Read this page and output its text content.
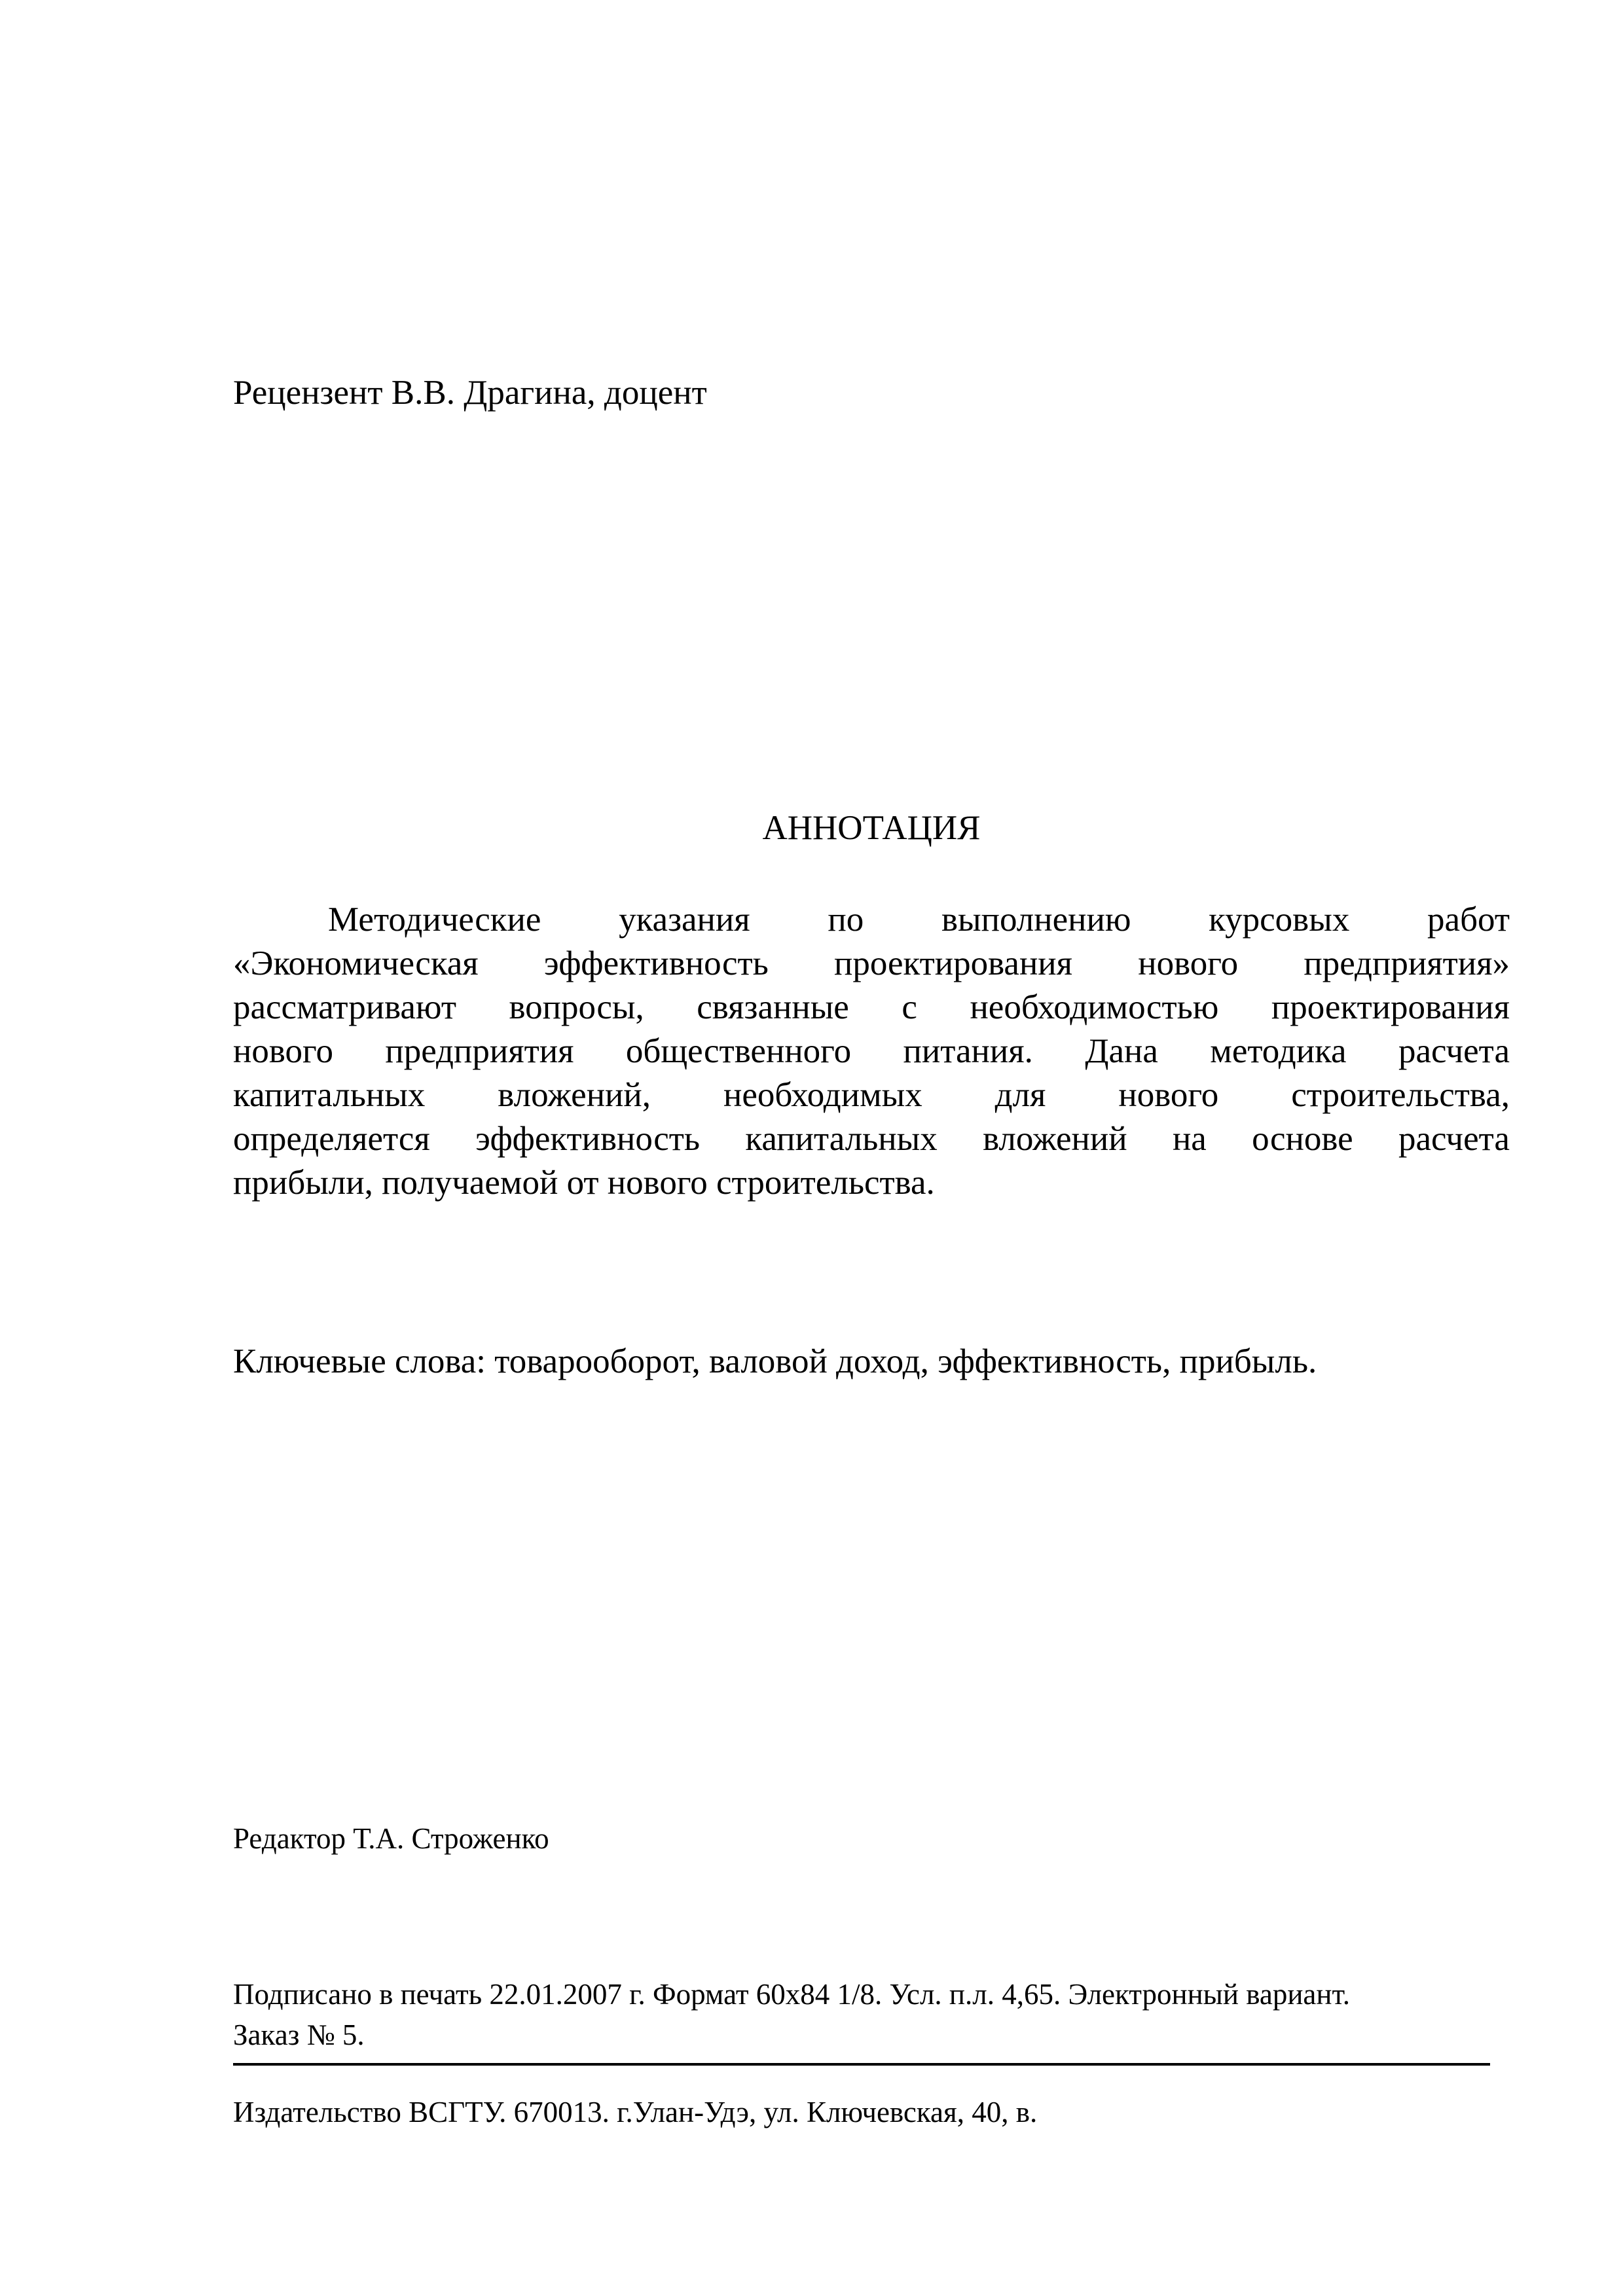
Рецензент В.В. Драгина, доцент
АННОТАЦИЯ
Методические указания по выполнению курсовых работ
«Экономическая эффективность проектирования нового предприятия»
рассматривают вопросы, связанные с необходимостью проектирования
нового предприятия общественного питания. Дана методика расчета
капитальных вложений, необходимых для нового строительства,
определяется эффективность капитальных вложений на основе расчета
прибыли, получаемой от нового строительства.
Ключевые слова: товарооборот, валовой доход, эффективность, прибыль.
Редактор Т.А. Строженко
Подписано в печать 22.01.2007 г. Формат 60х84 1/8. Усл. п.л. 4,65. Электронный вариант.
Заказ № 5.
Издательство ВСГТУ. 670013. г.Улан-Удэ, ул. Ключевская, 40, в.
